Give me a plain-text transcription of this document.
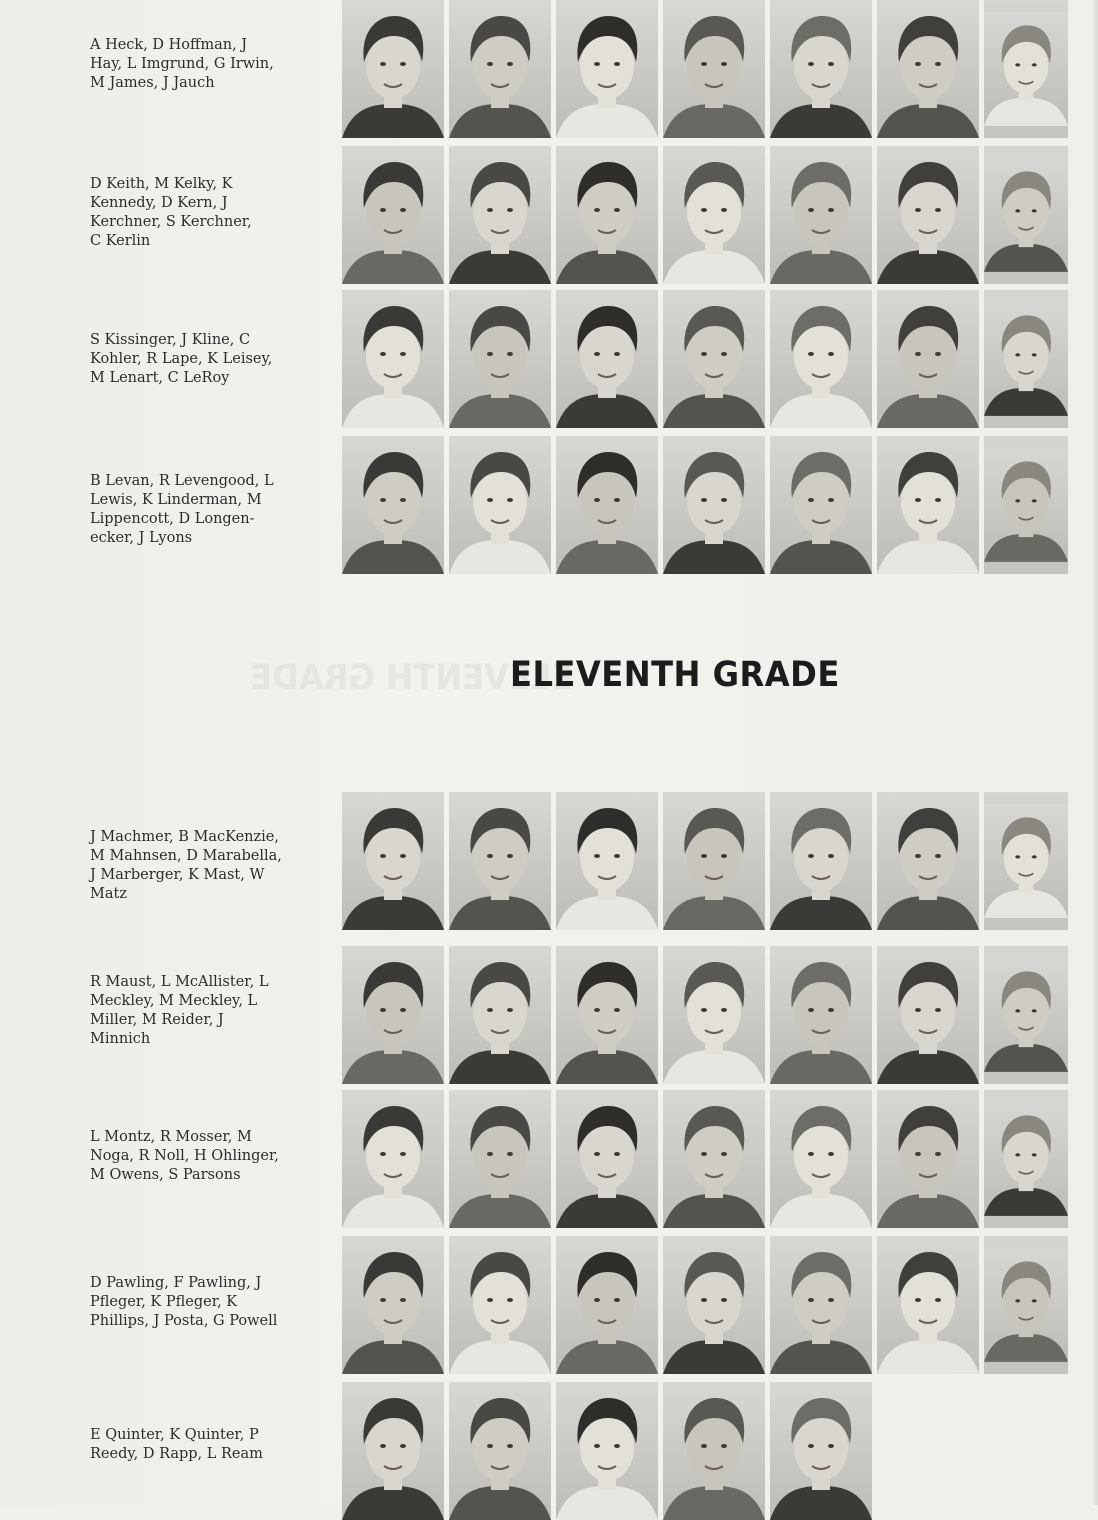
ELEVENTH GRADE
A Heck, D Hoffman, J
Hay, L Imgrund, G Irwin,
M James, J Jauch
D Keith, M Kelky, K
Kennedy, D Kern, J
Kerchner, S Kerchner,
C Kerlin
S Kissinger, J Kline, C
Kohler, R Lape, K Leisey,
M Lenart, C LeRoy
B Levan, R Levengood, L
Lewis, K Linderman, M
Lippencott, D Longen-
ecker, J Lyons
ELEVENTH GRADE
J Machmer, B MacKenzie,
M Mahnsen, D Marabella,
J Marberger, K Mast, W
Matz
R Maust, L McAllister, L
Meckley, M Meckley, L
Miller, M Reider, J
Minnich
L Montz, R Mosser, M
Noga, R Noll, H Ohlinger,
M Owens, S Parsons
D Pawling, F Pawling, J
Pfleger, K Pfleger, K
Phillips, J Posta, G Powell
E Quinter, K Quinter, P
Reedy, D Rapp, L Ream
